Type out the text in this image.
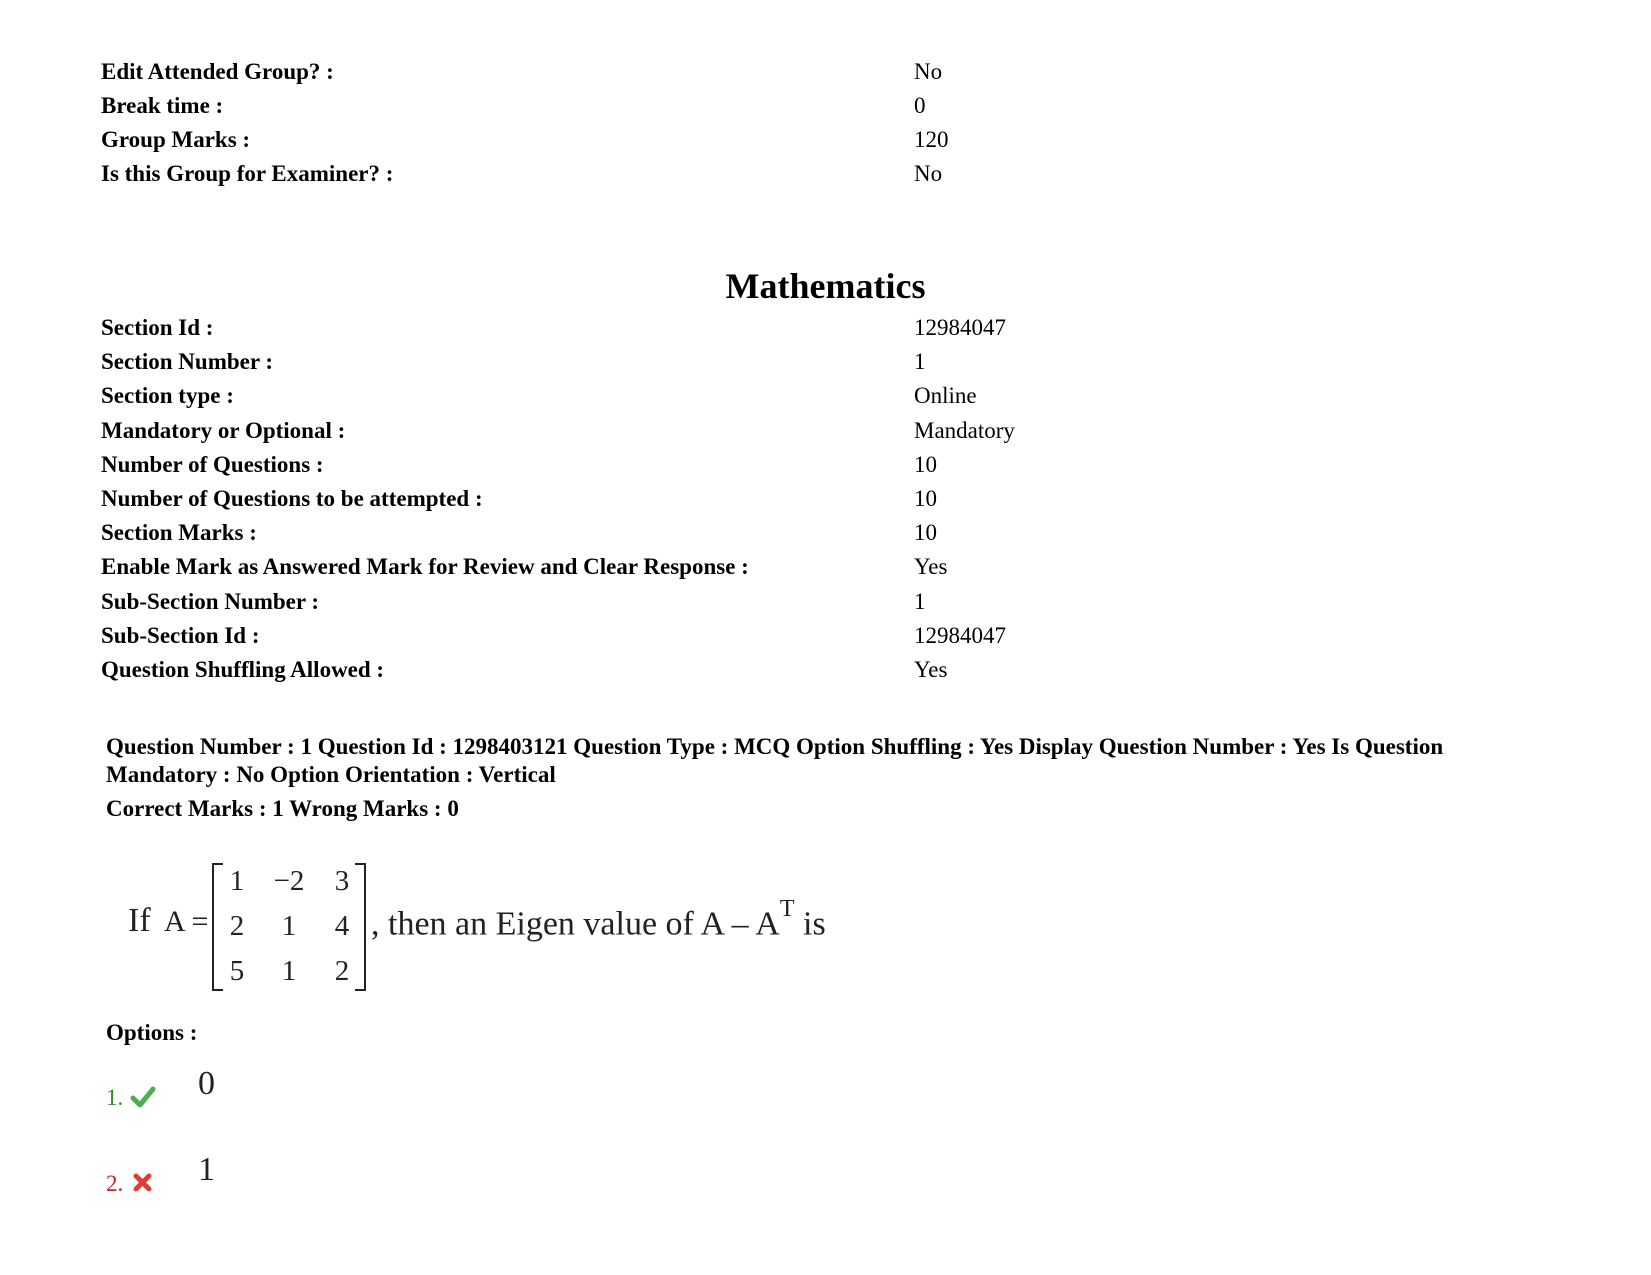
Edit Attended Group? :	No
Break time :	0
Group Marks :	120
Is this Group for Examiner? :	No
Mathematics
Section Id :	12984047
Section Number :	1
Section type :	Online
Mandatory or Optional :	Mandatory
Number of Questions :	10
Number of Questions to be attempted :	10
Section Marks :	10
Enable Mark as Answered Mark for Review and Clear Response :	Yes
Sub-Section Number :	1
Sub-Section Id :	12984047
Question Shuffling Allowed :	Yes
Question Number : 1 Question Id : 1298403121 Question Type : MCQ Option Shuffling : Yes Display Question Number : Yes Is Question
Mandatory : No Option Orientation : Vertical
Correct Marks : 1 Wrong Marks : 0
If A =
1	−2	3
2	1	4
5	1	2
, then an Eigen value of A – $A^T$ is
Options :
1. 0
2. 1
